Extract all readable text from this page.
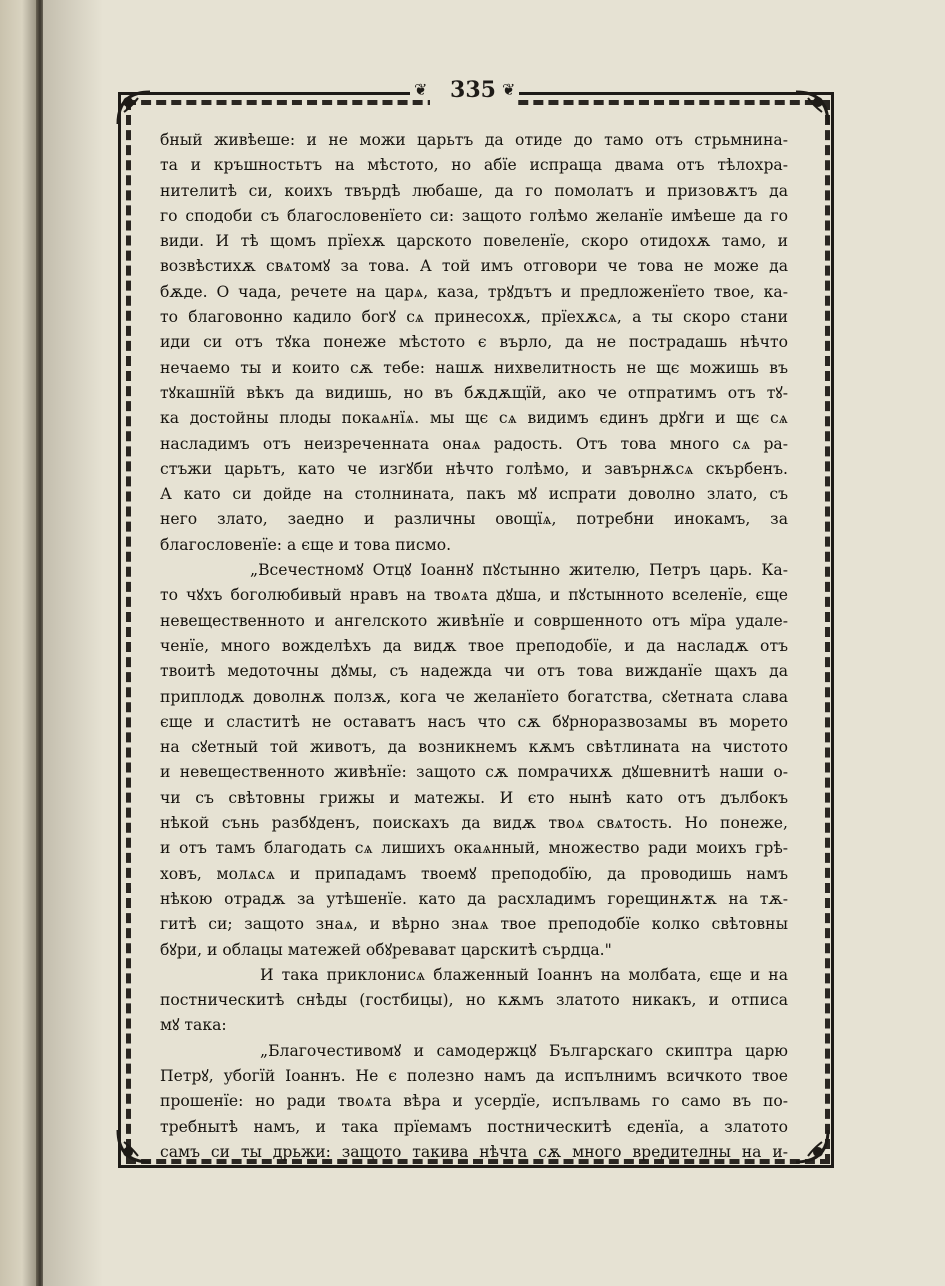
❦	335 ❦
бный живѣеше: и не можи царьтъ да отиде до тамо отъ стрьмнина-
та и кръшностьтъ на мѣстото, но абїе испраща двама отъ тѣлохра-
нителитѣ си, коихъ твърдѣ любаше, да го помолатъ и призовѫтъ да
го сподоби съ благословенїето си: защото голѣмо желанїе имѣеше да го
види. И тѣ щомъ прїехѫ царското повеленїе, скоро отидохѫ тамо, и
возвѣстихѫ свѧтомꙋ за това. А той имъ отговори че това не може да
бѫде. О чада, речете на царѧ, каза, трꙋдътъ и предложенїето твое, ка-
то благовонно кадило богꙋ сѧ принесохѫ, прїехѫсѧ, а ты скоро стани
иди си отъ тꙋка понеже мѣстото є върло, да не пострадашь нѣчто
нечаемо ты и които сѫ тебе: нашѫ нихвелитность не щє можишь въ
тꙋкашнїй вѣкъ да видишь, но въ бѫдѫщїй, ако че отпратимъ отъ тꙋ-
ка достойны плоды покаѧнїѧ. мы щє сѧ видимъ єдинъ дрꙋги и щє сѧ
насладимъ отъ неизреченната онаѧ радость. Отъ това много сѧ ра-
стъжи царьтъ, като че изгꙋби нѣчто голѣмо, и завърнѫсѧ скърбенъ.
А като си дойде на столнината, пакъ мꙋ испрати доволно злато, съ
него злато, заедно и различны овощїѧ, потребни инокамъ, за
благословенїе: а єще и това писмо.
„Всечестномꙋ Отцꙋ Іоаннꙋ пꙋстынно жителю, Петръ царь. Ка-
то чꙋхъ боголюбивый нравъ на твоѧта дꙋша, и пꙋстынното вселенїе, єще
невещественното и ангелското живѣнїе и совршенното отъ мїра удале-
ченїе, много вожделѣхъ да видѫ твое преподобїе, и да насладѫ отъ
твоитѣ медоточны дꙋмы, съ надежда чи отъ това вижданїе щахъ да
приплодѫ доволнѫ ползѫ, кога че желанїето богатства, сꙋетната слава
єще и сластитѣ не оставатъ насъ что сѫ бꙋрноразвозамы въ морето
на сꙋетный той животъ, да возникнемъ кѫмъ свѣтлината на чистото
и невещественното живѣнїе: защото сѫ помрачихѫ дꙋшевнитѣ наши о-
чи съ свѣтовны грижы и матежы. И єто нынѣ като отъ дълбокъ
нѣкой сънь разбꙋденъ, поискахъ да видѫ твоѧ свѧтость. Но понеже,
и отъ тамъ благодать сѧ лишихъ окаѧнный, множество ради моихъ грѣ-
ховъ, молѧсѧ и припадамъ твоемꙋ преподобїю, да проводишь намъ
нѣкою отрадѫ за утѣшенїе. като да расхладимъ горещинѫтѫ на тѫ-
гитѣ си; защото знаѧ, и вѣрно знаѧ твое преподобїе колко свѣтовны
бꙋри, и облацы матежей обꙋревават царскитѣ сърдца."
И така приклонисѧ блаженный Іоаннъ на молбата, єще и на
постническитѣ снѣды (гостбицы), но кѫмъ златото никакъ, и отписа
мꙋ така:
„Благочестивомꙋ и самодержцꙋ Българскаго скиптра царю
Петрꙋ, убогїй Іоаннъ. Не є полезно намъ да испълнимъ всичкото твое
прошенїе: но ради твоѧта вѣра и усердїе, испълвамь го само въ по-
требнытѣ намъ, и така прїемамъ постническитѣ єденїа, а златото
самъ си ты дрьжи: защото такива нѣчта сѫ много вредителны на и-
